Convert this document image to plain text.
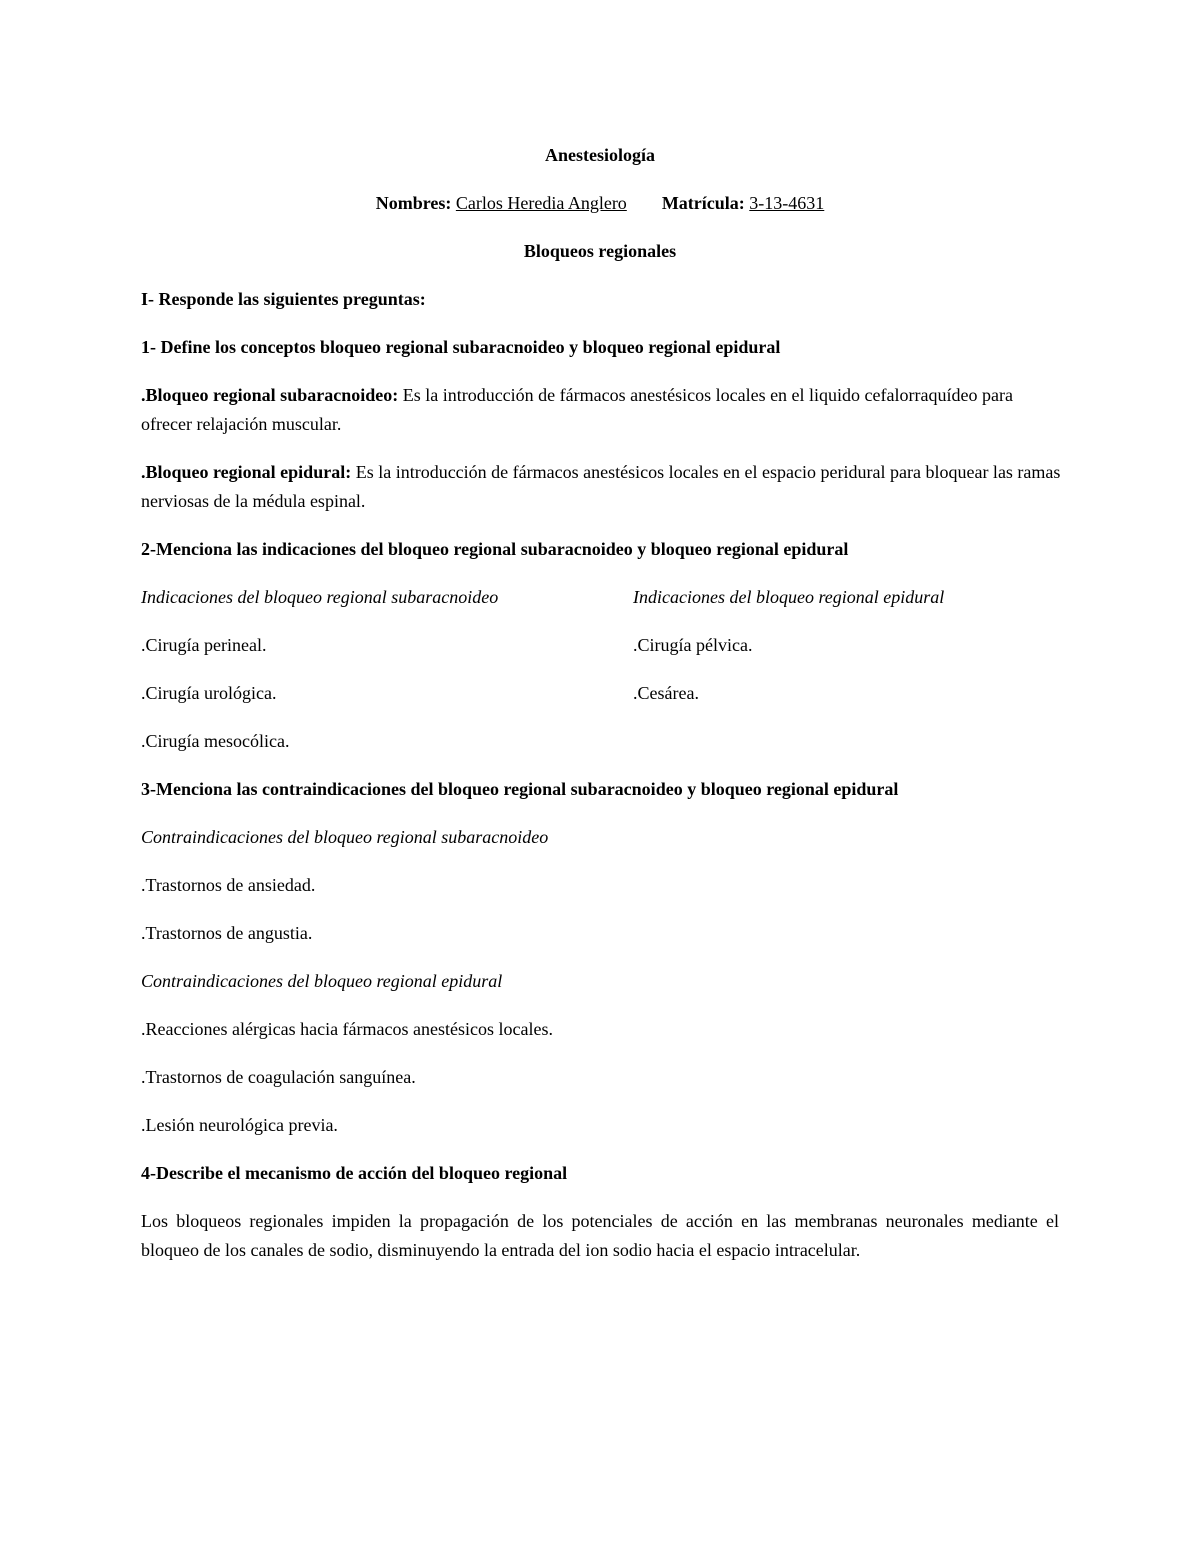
Anestesiología

Nombres: Carlos Heredia Anglero Matrícula: 3-13-4631

Bloqueos regionales

I- Responde las siguientes preguntas:

1- Define los conceptos bloqueo regional subaracnoideo y bloqueo regional epidural

.Bloqueo regional subaracnoideo: Es la introducción de fármacos anestésicos locales en el liquido cefalorraquídeo para ofrecer relajación muscular.

.Bloqueo regional epidural: Es la introducción de fármacos anestésicos locales en el espacio peridural para bloquear las ramas nerviosas de la médula espinal.

2-Menciona las indicaciones del bloqueo regional subaracnoideo y bloqueo regional epidural

Indicaciones del bloqueo regional subaracnoideo	Indicaciones del bloqueo regional epidural

.Cirugía perineal.	.Cirugía pélvica.

.Cirugía urológica.	.Cesárea.

.Cirugía mesocólica.

3-Menciona las contraindicaciones del bloqueo regional subaracnoideo y bloqueo regional epidural

Contraindicaciones del bloqueo regional subaracnoideo

.Trastornos de ansiedad.

.Trastornos de angustia.

Contraindicaciones del bloqueo regional epidural

.Reacciones alérgicas hacia fármacos anestésicos locales.

.Trastornos de coagulación sanguínea.

.Lesión neurológica previa.

4-Describe el mecanismo de acción del bloqueo regional

Los bloqueos regionales impiden la propagación de los potenciales de acción en las membranas neuronales mediante el bloqueo de los canales de sodio, disminuyendo la entrada del ion sodio hacia el espacio intracelular.
